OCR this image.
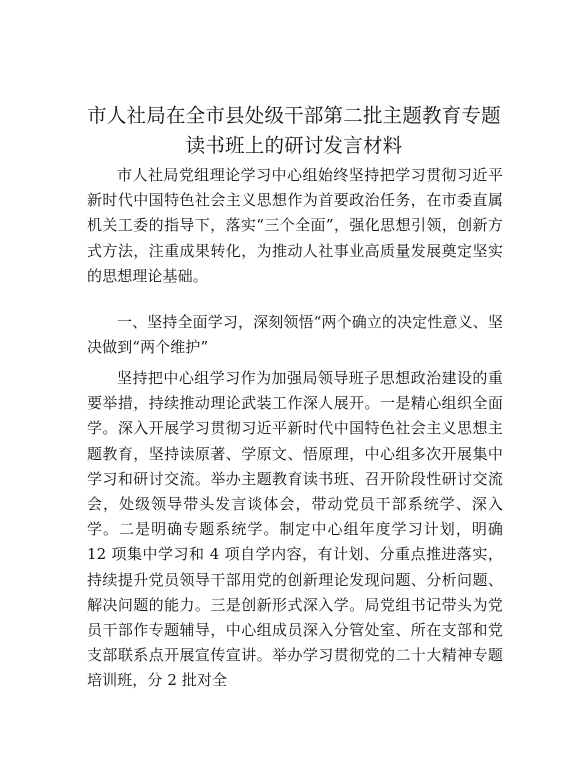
市人社局在全市县处级干部第二批主题教育专题读书班上的研讨发言材料

市人社局党组理论学习中心组始终坚持把学习贯彻习近平新时代中国特色社会主义思想作为首要政治任务，在市委直属机关工委的指导下，落实“三个全面”，强化思想引领，创新方式方法，注重成果转化，为推动人社事业高质量发展奠定坚实的思想理论基础。

一、坚持全面学习，深刻领悟“两个确立的决定性意义、坚决做到“两个维护”

坚持把中心组学习作为加强局领导班子思想政治建设的重要举措，持续推动理论武装工作深人展开。一是精心组织全面学。深入开展学习贯彻习近平新时代中国特色社会主义思想主题教育，坚持读原著、学原文、悟原理，中心组多次开展集中学习和研讨交流。举办主题教育读书班、召开阶段性研讨交流会，处级领导带头发言谈体会，带动党员干部系统学、深入学。二是明确专题系统学。制定中心组年度学习计划，明确 12 项集中学习和 4 项自学内容，有计划、分重点推进落实，持续提升党员领导干部用党的创新理论发现问题、分析问题、解决问题的能力。三是创新形式深入学。局党组书记带头为党员干部作专题辅导，中心组成员深入分管处室、所在支部和党支部联系点开展宣传宣讲。举办学习贯彻党的二十大精神专题培训班，分 2 批对全
